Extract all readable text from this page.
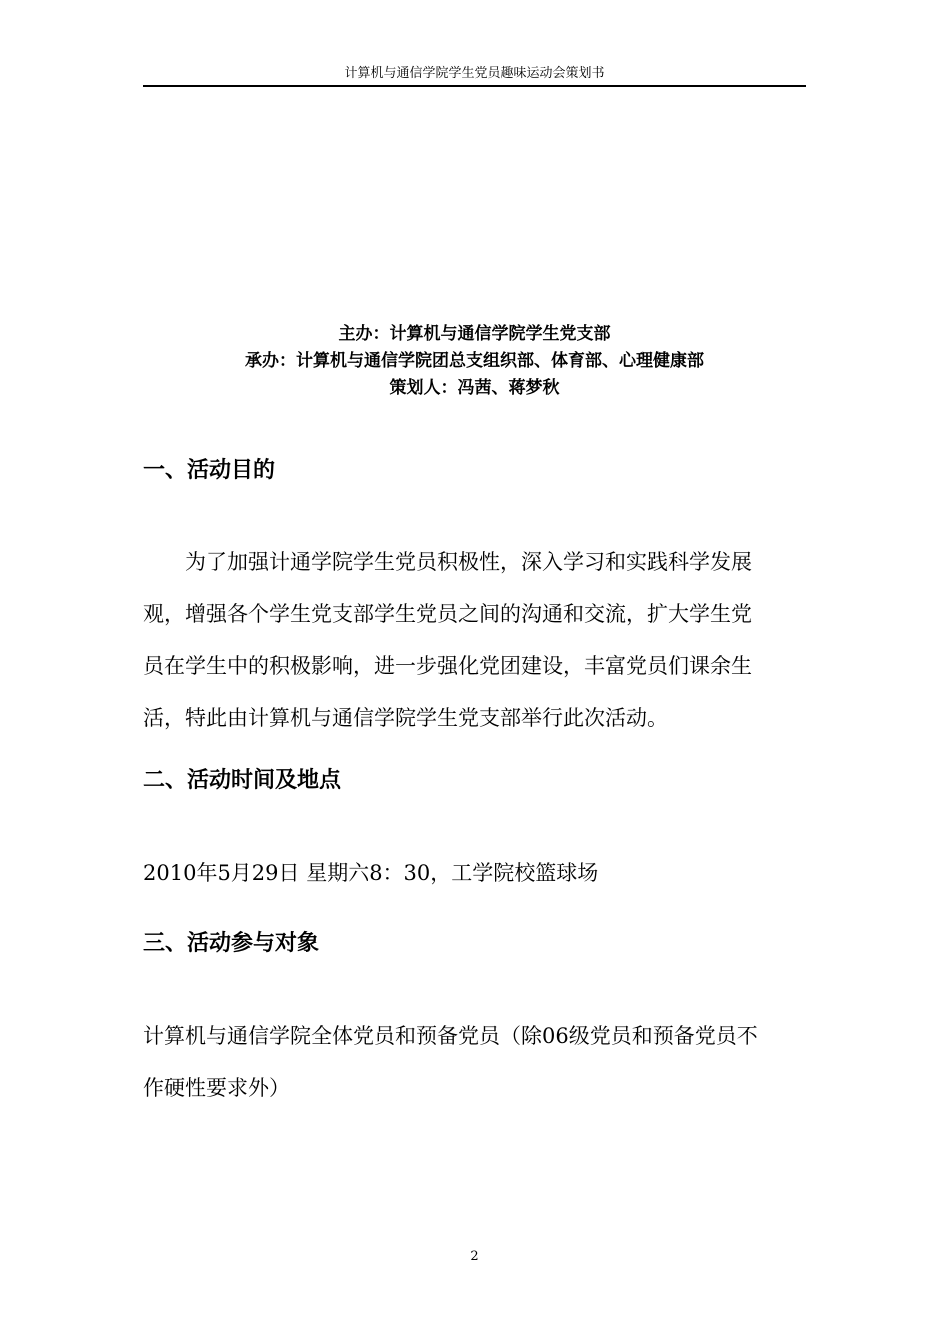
计算机与通信学院学生党员趣味运动会策划书
主办：计算机与通信学院学生党支部
承办：计算机与通信学院团总支组织部、体育部、心理健康部
策划人：冯茜、蒋梦秋
一、活动目的
　　为了加强计通学院学生党员积极性，深入学习和实践科学发展
观，增强各个学生党支部学生党员之间的沟通和交流，扩大学生党
员在学生中的积极影响，进一步强化党团建设，丰富党员们课余生
活，特此由计算机与通信学院学生党支部举行此次活动。
二、活动时间及地点
2010年5月29日 星期六8：30，工学院校篮球场
三、活动参与对象
计算机与通信学院全体党员和预备党员（除06级党员和预备党员不
作硬性要求外）
2
